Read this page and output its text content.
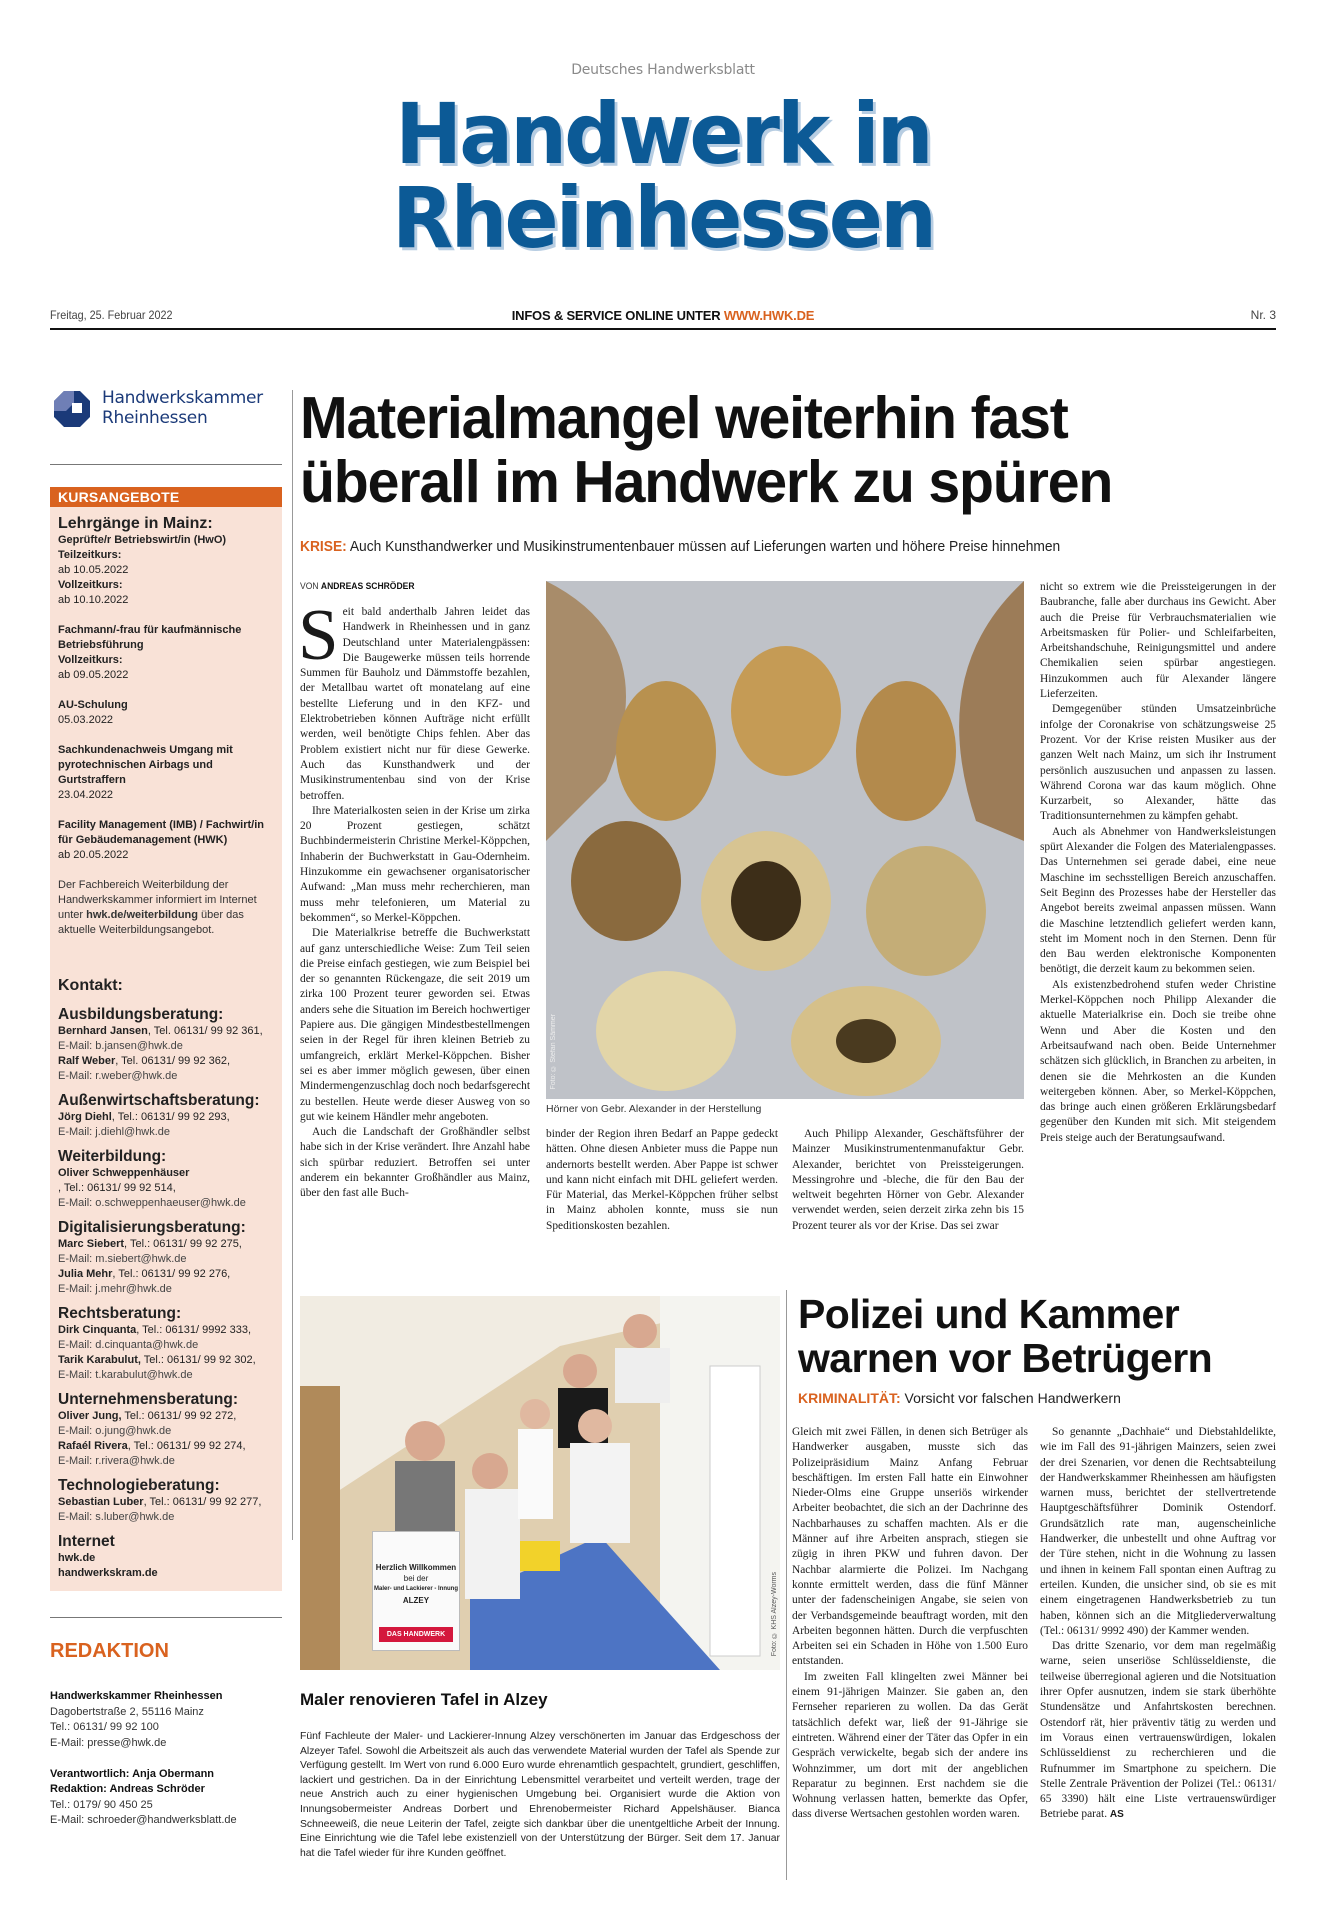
Deutsches Handwerksblatt
Handwerk in
Rheinhessen
Freitag, 25. Februar 2022	INFOS & SERVICE ONLINE UNTER WWW.HWK.DE	Nr. 3
Handwerkskammer
Rheinhessen
KURSANGEBOTE
Lehrgänge in Mainz:
Geprüfte/r Betriebswirt/in (HwO)
Teilzeitkurs:
ab 10.05.2022
Vollzeitkurs:
ab 10.10.2022
Fachmann/-frau für kaufmännische Betriebsführung
Vollzeitkurs:
ab 09.05.2022
AU-Schulung
05.03.2022
Sachkundenachweis Umgang mit pyrotechnischen Airbags und Gurtstraffern
23.04.2022
Facility Management (IMB) / Fachwirt/in für Gebäudemanagement (HWK)
ab 20.05.2022
Der Fachbereich Weiterbildung der Handwerkskammer informiert im Internet unter hwk.de/weiterbildung über das aktuelle Weiterbildungsangebot.
Kontakt:
Ausbildungsberatung:
Bernhard Jansen, Tel. 06131/ 99 92 361,
E-Mail: b.jansen@hwk.de
Ralf Weber, Tel. 06131/ 99 92 362,
E-Mail: r.weber@hwk.de
Außenwirtschaftsberatung:
Jörg Diehl, Tel.: 06131/ 99 92 293,
E-Mail: j.diehl@hwk.de
Weiterbildung:
Oliver Schweppenhäuser
, Tel.: 06131/ 99 92 514,
E-Mail: o.schweppenhaeuser@hwk.de
Digitalisierungsberatung:
Marc Siebert, Tel.: 06131/ 99 92 275,
E-Mail: m.siebert@hwk.de
Julia Mehr, Tel.: 06131/ 99 92 276,
E-Mail: j.mehr@hwk.de
Rechtsberatung:
Dirk Cinquanta, Tel.: 06131/ 9992 333,
E-Mail: d.cinquanta@hwk.de
Tarik Karabulut, Tel.: 06131/ 99 92 302,
E-Mail: t.karabulut@hwk.de
Unternehmensberatung:
Oliver Jung, Tel.: 06131/ 99 92 272,
E-Mail: o.jung@hwk.de
Rafaél Rivera, Tel.: 06131/ 99 92 274,
E-Mail: r.rivera@hwk.de
Technologieberatung:
Sebastian Luber, Tel.: 06131/ 99 92 277,
E-Mail: s.luber@hwk.de
Internet
hwk.de
handwerkskram.de
REDAKTION
Handwerkskammer Rheinhessen
Dagobertstraße 2, 55116 Mainz
Tel.: 06131/ 99 92 100
E-Mail: presse@hwk.de

Verantwortlich: Anja Obermann
Redaktion: Andreas Schröder
Tel.: 0179/ 90 450 25
E-Mail: schroeder@handwerksblatt.de
Materialmangel weiterhin fast überall im Handwerk zu spüren
KRISE: Auch Kunsthandwerker und Musikinstrumentenbauer müssen auf Lieferungen warten und höhere Preise hinnehmen
VON ANDREAS SCHRÖDER

Seit bald anderthalb Jahren leidet das Handwerk in Rheinhessen und in ganz Deutschland unter Materialengpässen: Die Baugewerke müssen teils horrende Summen für Bauholz und Dämmstoffe bezahlen, der Metallbau wartet oft monatelang auf eine bestellte Lieferung und in den KFZ- und Elektrobetrieben können Aufträge nicht erfüllt werden, weil benötigte Chips fehlen. Aber das Problem existiert nicht nur für diese Gewerke. Auch das Kunsthandwerk und der Musikinstrumentenbau sind von der Krise betroffen.

Ihre Materialkosten seien in der Krise um zirka 20 Prozent gestiegen, schätzt Buchbindermeisterin Christine Merkel-Köppchen, Inhaberin der Buchwerkstatt in Gau-Odernheim. Hinzukomme ein gewachsener organisatorischer Aufwand: „Man muss mehr recherchieren, man muss mehr telefonieren, um Material zu bekommen“, so Merkel-Köppchen.

Die Materialkrise betreffe die Buchwerkstatt auf ganz unterschiedliche Weise: Zum Teil seien die Preise einfach gestiegen, wie zum Beispiel bei der so genannten Rückengaze, die seit 2019 um zirka 100 Prozent teurer geworden sei. Etwas anders sehe die Situation im Bereich hochwertiger Papiere aus. Die gängigen Mindestbestellmengen seien in der Regel für ihren kleinen Betrieb zu umfangreich, erklärt Merkel-Köppchen. Bisher sei es aber immer möglich gewesen, über einen Mindermengenzuschlag doch noch bedarfsgerecht zu bestellen. Heute werde dieser Ausweg von so gut wie keinem Händler mehr angeboten.

Auch die Landschaft der Großhändler selbst habe sich in der Krise verändert. Ihre Anzahl habe sich spürbar reduziert. Betroffen sei unter anderem ein bekannter Großhändler aus Mainz, über den fast alle Buch-

Foto: © Stefan Sämmer
Hörner von Gebr. Alexander in der Herstellung

binder der Region ihren Bedarf an Pappe gedeckt hätten. Ohne diesen Anbieter muss die Pappe nun andernorts bestellt werden. Aber Pappe ist schwer und kann nicht einfach mit DHL geliefert werden. Für Material, das Merkel-Köppchen früher selbst in Mainz abholen konnte, muss sie nun Speditionskosten bezahlen.

Auch Philipp Alexander, Geschäftsführer der Mainzer Musikinstrumentenmanufaktur Gebr. Alexander, berichtet von Preissteigerungen. Messingrohre und -bleche, die für den Bau der weltweit begehrten Hörner von Gebr. Alexander verwendet werden, seien derzeit zirka zehn bis 15 Prozent teurer als vor der Krise. Das sei zwar

nicht so extrem wie die Preissteigerungen in der Baubranche, falle aber durchaus ins Gewicht. Aber auch die Preise für Verbrauchsmaterialien wie Arbeitsmasken für Polier- und Schleifarbeiten, Arbeitshandschuhe, Reinigungsmittel und andere Chemikalien seien spürbar angestiegen. Hinzukommen auch für Alexander längere Lieferzeiten.

Demgegenüber stünden Umsatzeinbrüche infolge der Coronakrise von schätzungsweise 25 Prozent. Vor der Krise reisten Musiker aus der ganzen Welt nach Mainz, um sich ihr Instrument persönlich auszusuchen und anpassen zu lassen. Während Corona war das kaum möglich. Ohne Kurzarbeit, so Alexander, hätte das Traditionsunternehmen zu kämpfen gehabt.

Auch als Abnehmer von Handwerksleistungen spürt Alexander die Folgen des Materialengpasses. Das Unternehmen sei gerade dabei, eine neue Maschine im sechsstelligen Bereich anzuschaffen. Seit Beginn des Prozesses habe der Hersteller das Angebot bereits zweimal anpassen müssen. Wann die Maschine letztendlich geliefert werden kann, steht im Moment noch in den Sternen. Denn für den Bau werden elektronische Komponenten benötigt, die derzeit kaum zu bekommen seien.

Als existenzbedrohend stufen weder Christine Merkel-Köppchen noch Philipp Alexander die aktuelle Materialkrise ein. Doch sie treibe ohne Wenn und Aber die Kosten und den Arbeitsaufwand nach oben. Beide Unternehmer schätzen sich glücklich, in Branchen zu arbeiten, in denen sie die Mehrkosten an die Kunden weitergeben können. Aber, so Merkel-Köppchen, das bringe auch einen größeren Erklärungsbedarf gegenüber den Kunden mit sich. Mit steigendem Preis steige auch der Beratungsaufwand.

Herzlich Willkommen
bei der
Maler- und Lackierer - Innung
ALZEY
DAS HANDWERK	Foto: © KHS Alzey-Worms
Maler renovieren Tafel in Alzey
Fünf Fachleute der Maler- und Lackierer-Innung Alzey verschönerten im Januar das Erdgeschoss der Alzeyer Tafel. Sowohl die Arbeitszeit als auch das verwendete Material wurden der Tafel als Spende zur Verfügung gestellt. Im Wert von rund 6.000 Euro wurde ehrenamtlich gespachtelt, grundiert, geschliffen, lackiert und gestrichen. Da in der Einrichtung Lebensmittel verarbeitet und verteilt werden, trage der neue Anstrich auch zu einer hygienischen Umgebung bei. Organisiert wurde die Aktion von Innungsobermeister Andreas Dorbert und Ehrenobermeister Richard Appelshäuser. Bianca Schneeweiß, die neue Leiterin der Tafel, zeigte sich dankbar über die unentgeltliche Arbeit der Innung. Eine Einrichtung wie die Tafel lebe existenziell von der Unterstützung der Bürger. Seit dem 17. Januar hat die Tafel wieder für ihre Kunden geöffnet.
Polizei und Kammer warnen vor Betrügern
KRIMINALITÄT: Vorsicht vor falschen Handwerkern

Gleich mit zwei Fällen, in denen sich Betrüger als Handwerker ausgaben, musste sich das Polizeipräsidium Mainz Anfang Februar beschäftigen. Im ersten Fall hatte ein Einwohner Nieder-Olms eine Gruppe unseriös wirkender Arbeiter beobachtet, die sich an der Dachrinne des Nachbarhauses zu schaffen machten. Als er die Männer auf ihre Arbeiten ansprach, stiegen sie zügig in ihren PKW und fuhren davon. Der Nachbar alarmierte die Polizei. Im Nachgang konnte ermittelt werden, dass die fünf Männer unter der fadenscheinigen Angabe, sie seien von der Verbandsgemeinde beauftragt worden, mit den Arbeiten begonnen hätten. Durch die verpfuschten Arbeiten sei ein Schaden in Höhe von 1.500 Euro entstanden.

Im zweiten Fall klingelten zwei Männer bei einem 91-jährigen Mainzer. Sie gaben an, den Fernseher reparieren zu wollen. Da das Gerät tatsächlich defekt war, ließ der 91-Jährige sie eintreten. Während einer der Täter das Opfer in ein Gespräch verwickelte, begab sich der andere ins Wohnzimmer, um dort mit der angeblichen Reparatur zu beginnen. Erst nachdem sie die Wohnung verlassen hatten, bemerkte das Opfer, dass diverse Wertsachen gestohlen worden waren.

So genannte „Dachhaie“ und Diebstahldelikte, wie im Fall des 91-jährigen Mainzers, seien zwei der drei Szenarien, vor denen die Rechtsabteilung der Handwerkskammer Rheinhessen am häufigsten warnen muss, berichtet der stellvertretende Hauptgeschäftsführer Dominik Ostendorf. Grundsätzlich rate man, augenscheinliche Handwerker, die unbestellt und ohne Auftrag vor der Türe stehen, nicht in die Wohnung zu lassen und ihnen in keinem Fall spontan einen Auftrag zu erteilen. Kunden, die unsicher sind, ob sie es mit einem eingetragenen Handwerksbetrieb zu tun haben, können sich an die Mitgliederverwaltung (Tel.: 06131/ 9992 490) der Kammer wenden.

Das dritte Szenario, vor dem man regelmäßig warne, seien unseriöse Schlüsseldienste, die teilweise überregional agieren und die Notsituation ihrer Opfer ausnutzen, indem sie stark überhöhte Stundensätze und Anfahrtskosten berechnen. Ostendorf rät, hier präventiv tätig zu werden und im Voraus einen vertrauenswürdigen, lokalen Schlüsseldienst zu recherchieren und die Rufnummer im Smartphone zu speichern. Die Stelle Zentrale Prävention der Polizei (Tel.: 06131/ 65 3390) hält eine Liste vertrauenswürdiger Betriebe parat. AS
